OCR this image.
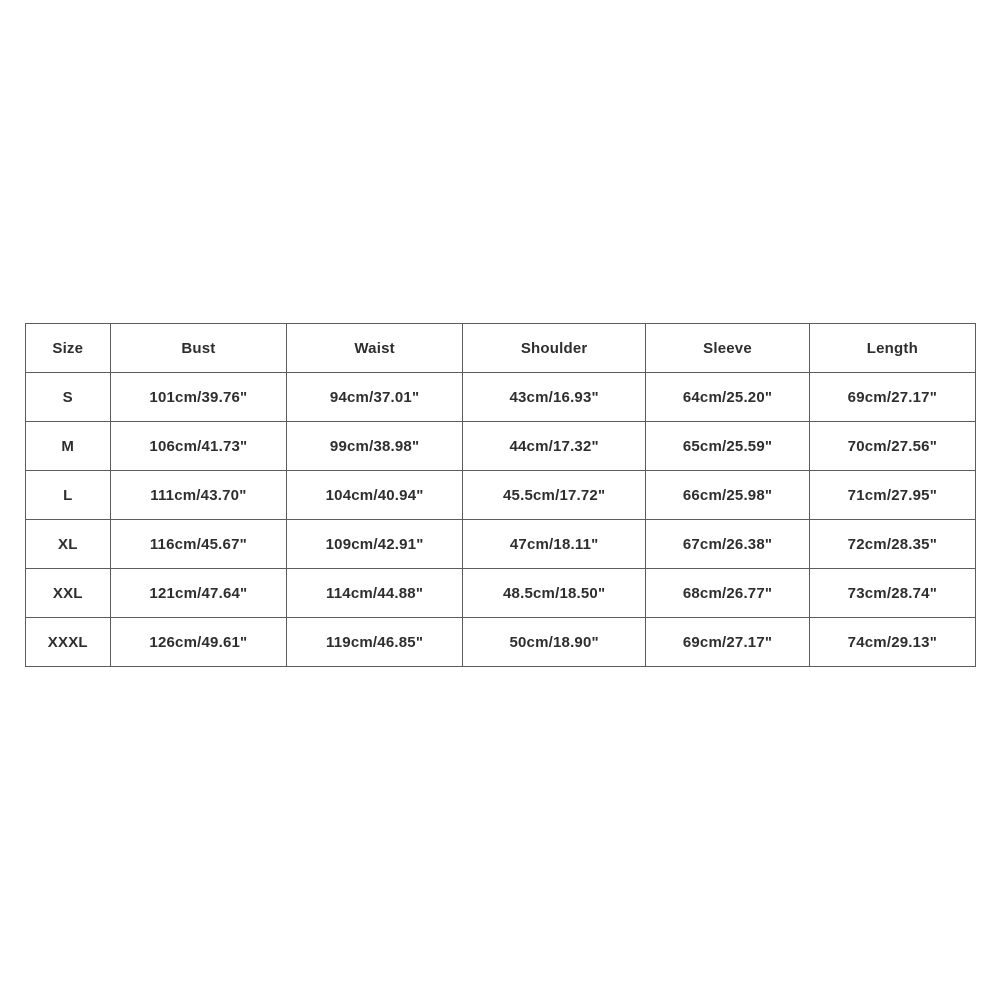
Size	Bust	Waist	Shoulder	Sleeve	Length
S	101cm/39.76"	94cm/37.01"	43cm/16.93"	64cm/25.20"	69cm/27.17"
M	106cm/41.73"	99cm/38.98"	44cm/17.32"	65cm/25.59"	70cm/27.56"
L	111cm/43.70"	104cm/40.94"	45.5cm/17.72"	66cm/25.98"	71cm/27.95"
XL	116cm/45.67"	109cm/42.91"	47cm/18.11"	67cm/26.38"	72cm/28.35"
XXL	121cm/47.64"	114cm/44.88"	48.5cm/18.50"	68cm/26.77"	73cm/28.74"
XXXL	126cm/49.61"	119cm/46.85"	50cm/18.90"	69cm/27.17"	74cm/29.13"
